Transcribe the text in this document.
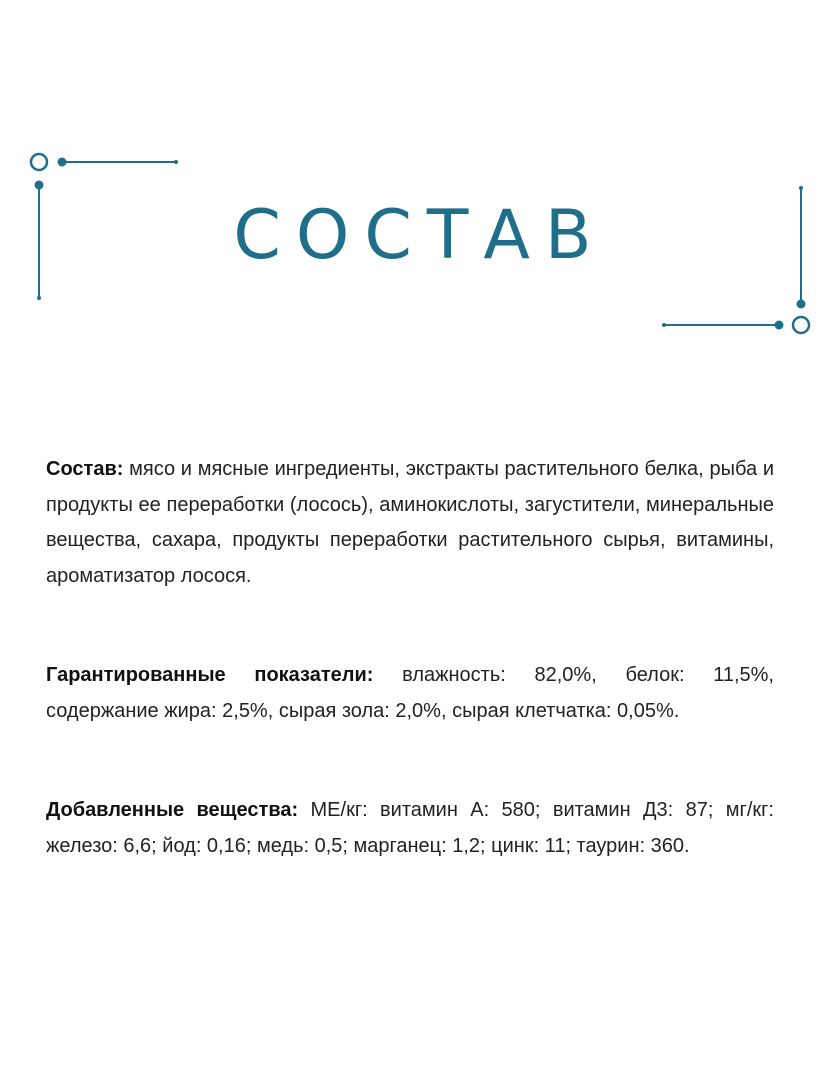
СОСТАВ

Состав: мясо и мясные ингредиенты, экстракты растительного белка, рыба и продукты ее переработки (лосось), аминокислоты, загустители, минеральные вещества, сахара, продукты переработки растительного сырья, витамины, ароматизатор лосося.

Гарантированные показатели: влажность: 82,0%, белок: 11,5%, содержание жира: 2,5%, сырая зола: 2,0%, сырая клетчатка: 0,05%.

Добавленные вещества: МЕ/кг: витамин А: 580; витамин Д3: 87; мг/кг: железо: 6,6; йод: 0,16; медь: 0,5; марганец: 1,2; цинк: 11; таурин: 360.
